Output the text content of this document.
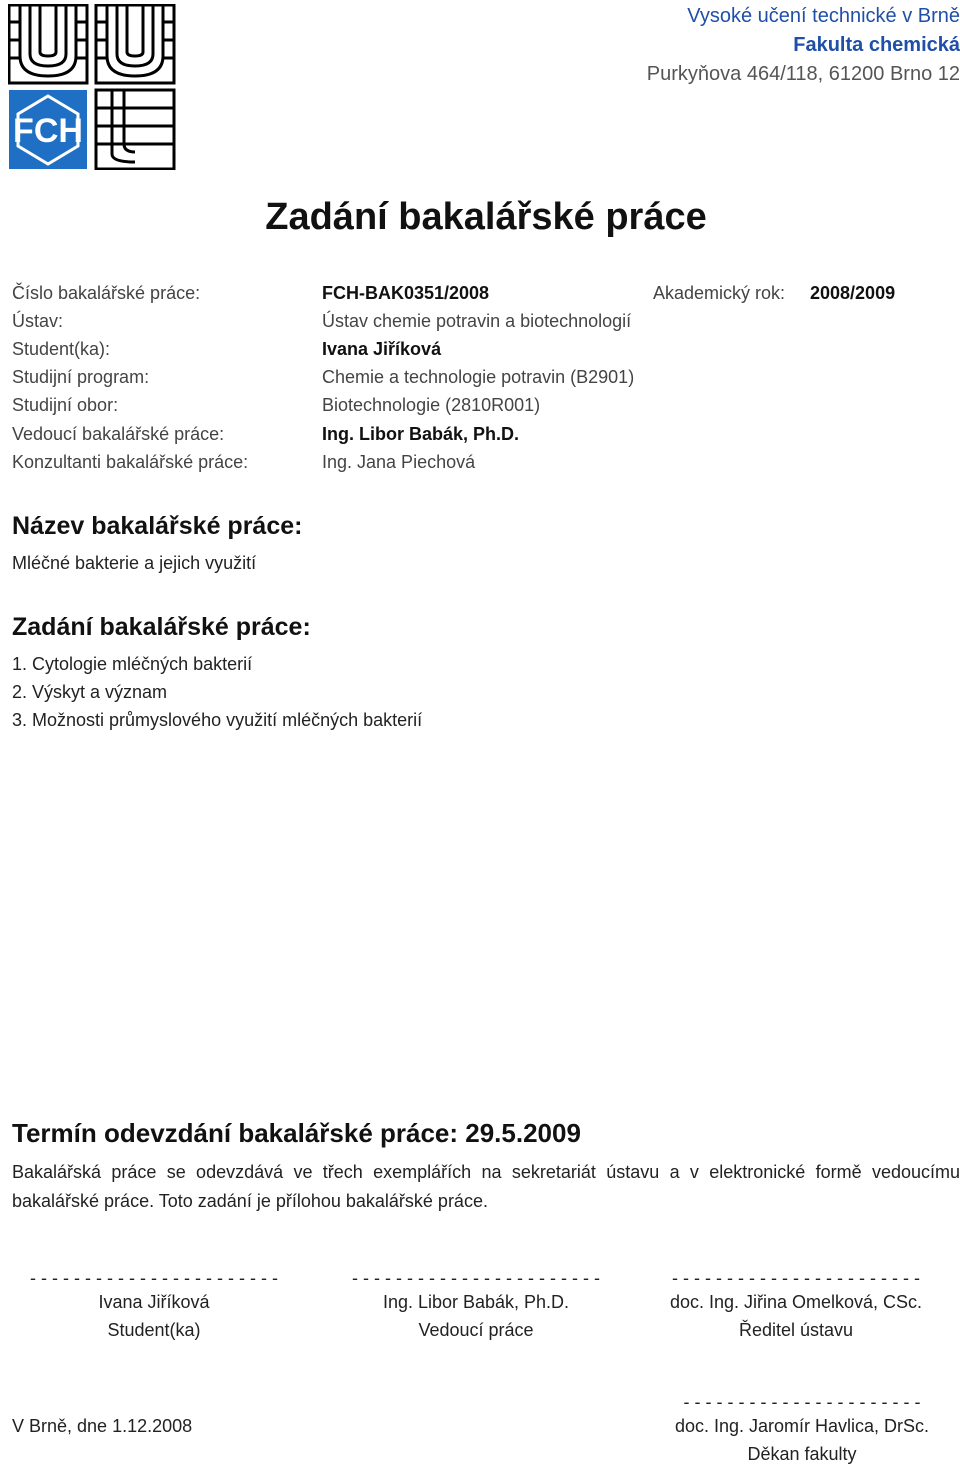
FCH
Vysoké učení technické v Brně
Fakulta chemická
Purkyňova 464/118, 61200 Brno 12
Zadání bakalářské práce
Číslo bakalářské práce:	FCH-BAK0351/2008	Akademický rok: 2008/2009
Ústav:	Ústav chemie potravin a biotechnologií
Student(ka):	Ivana Jiříková
Studijní program:	Chemie a technologie potravin (B2901)
Studijní obor:	Biotechnologie (2810R001)
Vedoucí bakalářské práce:	Ing. Libor Babák, Ph.D.
Konzultanti bakalářské práce:	Ing. Jana Piechová
Název bakalářské práce:
Mléčné bakterie a jejich využití
Zadání bakalářské práce:
1. Cytologie mléčných bakterií
2. Výskyt a význam
3. Možnosti průmyslového využití mléčných bakterií
Termín odevzdání bakalářské práce: 29.5.2009
Bakalářská práce se odevzdává ve třech exemplářích na sekretariát ústavu a v elektronické formě vedoucímu bakalářské práce. Toto zadání je přílohou bakalářské práce.
- - - - - - - - - - - - - - - - - - - - - - -
Ivana Jiříková
Student(ka)
- - - - - - - - - - - - - - - - - - - - - - -
Ing. Libor Babák, Ph.D.
Vedoucí práce
- - - - - - - - - - - - - - - - - - - - - - -
doc. Ing. Jiřina Omelková, CSc.
Ředitel ústavu
V Brně, dne 1.12.2008
- - - - - - - - - - - - - - - - - - - - - -
doc. Ing. Jaromír Havlica, DrSc.
Děkan fakulty
